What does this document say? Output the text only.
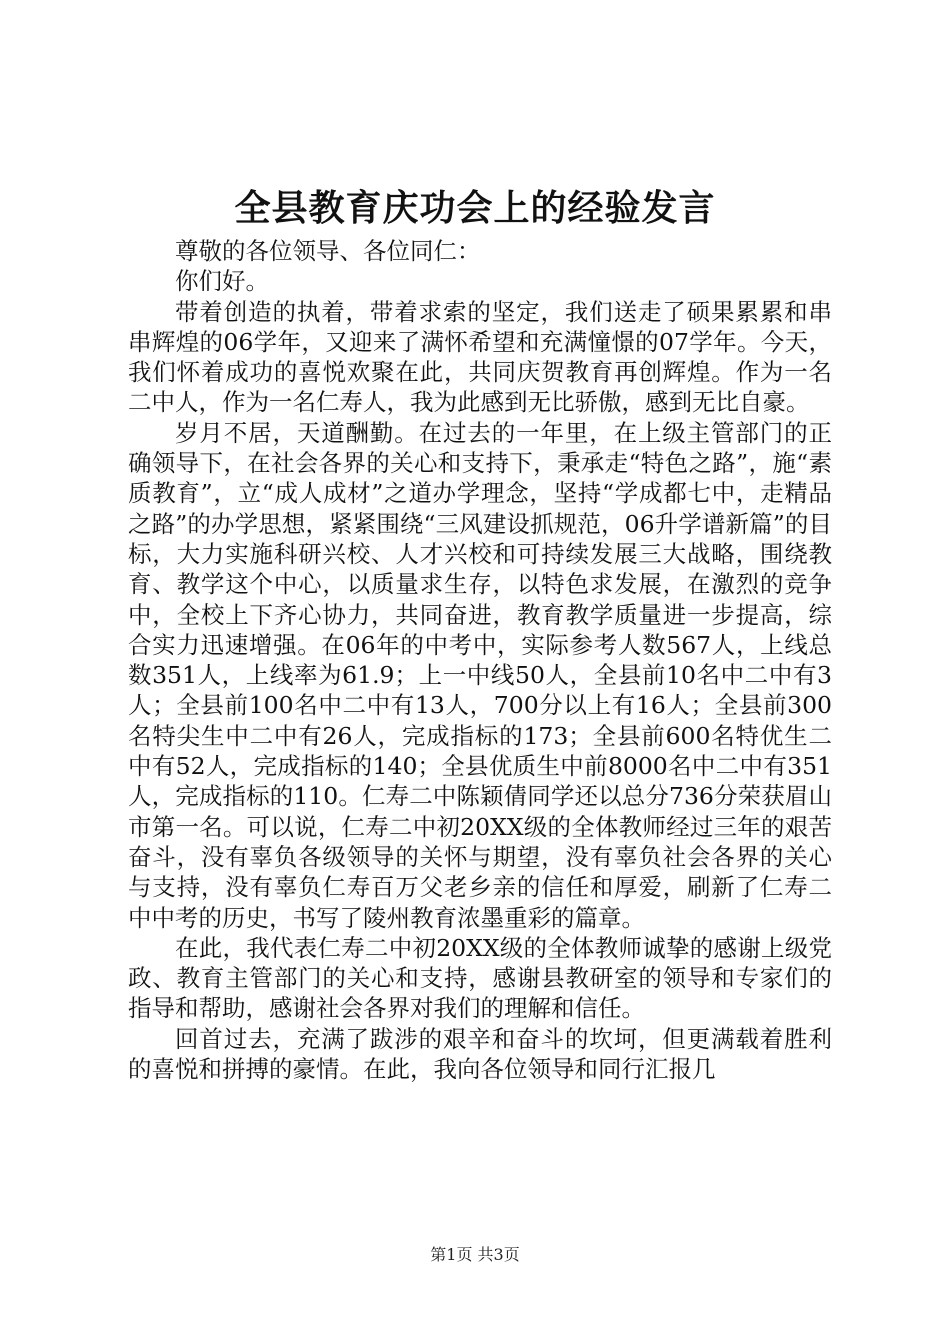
全县教育庆功会上的经验发言

尊敬的各位领导、各位同仁：

你们好。

带着创造的执着，带着求索的坚定，我们送走了硕果累累和串串辉煌的06学年，又迎来了满怀希望和充满憧憬的07学年。今天，我们怀着成功的喜悦欢聚在此，共同庆贺教育再创辉煌。作为一名二中人，作为一名仁寿人，我为此感到无比骄傲，感到无比自豪。

岁月不居，天道酬勤。在过去的一年里，在上级主管部门的正确领导下，在社会各界的关心和支持下，秉承走“特色之路”，施“素质教育”，立“成人成材”之道办学理念，坚持“学成都七中，走精品之路”的办学思想，紧紧围绕“三风建设抓规范，06升学谱新篇”的目标，大力实施科研兴校、人才兴校和可持续发展三大战略，围绕教育、教学这个中心，以质量求生存，以特色求发展，在激烈的竞争中，全校上下齐心协力，共同奋进，教育教学质量进一步提高，综合实力迅速增强。在06年的中考中，实际参考人数567人，上线总数351人，上线率为61.9；上一中线50人，全县前10名中二中有3人；全县前100名中二中有13人，700分以上有16人；全县前300名特尖生中二中有26人，完成指标的173；全县前600名特优生二中有52人，完成指标的140；全县优质生中前8000名中二中有351人，完成指标的110。仁寿二中陈颖倩同学还以总分736分荣获眉山市第一名。可以说，仁寿二中初20XX级的全体教师经过三年的艰苦奋斗，没有辜负各级领导的关怀与期望，没有辜负社会各界的关心与支持，没有辜负仁寿百万父老乡亲的信任和厚爱，刷新了仁寿二中中考的历史，书写了陵州教育浓墨重彩的篇章。

在此，我代表仁寿二中初20XX级的全体教师诚挚的感谢上级党政、教育主管部门的关心和支持，感谢县教研室的领导和专家们的指导和帮助，感谢社会各界对我们的理解和信任。

回首过去，充满了跋涉的艰辛和奋斗的坎坷，但更满载着胜利的喜悦和拼搏的豪情。在此，我向各位领导和同行汇报几

第1页 共3页
